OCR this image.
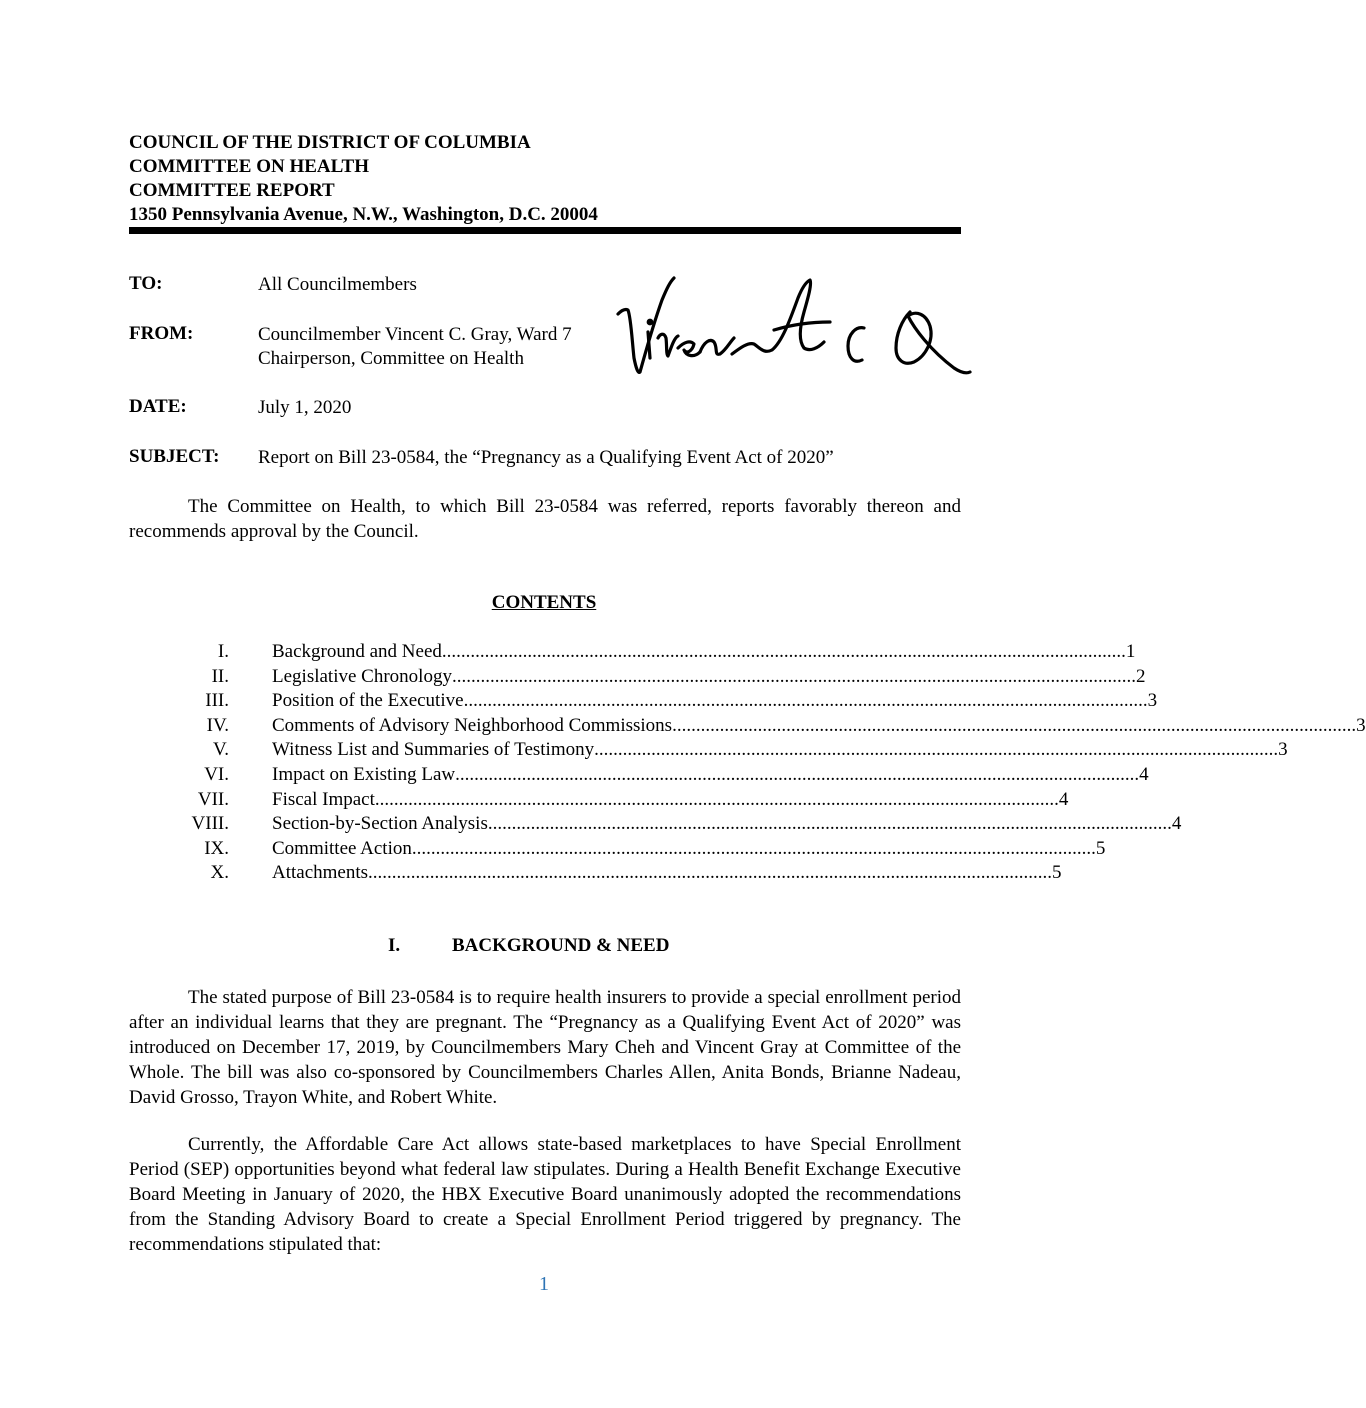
COUNCIL OF THE DISTRICT OF COLUMBIA
COMMITTEE ON HEALTH
COMMITTEE REPORT
1350 Pennsylvania Avenue, N.W., Washington, D.C. 20004
TO:	All Councilmembers
FROM:	Councilmember Vincent C. Gray, Ward 7
Chairperson, Committee on Health
DATE:	July 1, 2020
SUBJECT: Report on Bill 23-0584, the “Pregnancy as a Qualifying Event Act of 2020”

The Committee on Health, to which Bill 23-0584 was referred, reports favorably thereon and recommends approval by the Council.

CONTENTS
I. Background and Need ................................................................................................................................................ 1
II. Legislative Chronology ................................................................................................................................................ 2
III. Position of the Executive ................................................................................................................................................ 3
IV. Comments of Advisory Neighborhood Commissions ................................................................................................................................................ 3
V. Witness List and Summaries of Testimony ................................................................................................................................................ 3
VI. Impact on Existing Law ................................................................................................................................................ 4
VII. Fiscal Impact ................................................................................................................................................ 4
VIII. Section-by-Section Analysis ................................................................................................................................................ 4
IX. Committee Action ................................................................................................................................................ 5
X. Attachments ................................................................................................................................................ 5
I.	BACKGROUND & NEED

The stated purpose of Bill 23-0584 is to require health insurers to provide a special enrollment period after an individual learns that they are pregnant. The “Pregnancy as a Qualifying Event Act of 2020” was introduced on December 17, 2019, by Councilmembers Mary Cheh and Vincent Gray at Committee of the Whole. The bill was also co-sponsored by Councilmembers Charles Allen, Anita Bonds, Brianne Nadeau, David Grosso, Trayon White, and Robert White.

Currently, the Affordable Care Act allows state-based marketplaces to have Special Enrollment Period (SEP) opportunities beyond what federal law stipulates. During a Health Benefit Exchange Executive Board Meeting in January of 2020, the HBX Executive Board unanimously adopted the recommendations from the Standing Advisory Board to create a Special Enrollment Period triggered by pregnancy. The recommendations stipulated that:

1
